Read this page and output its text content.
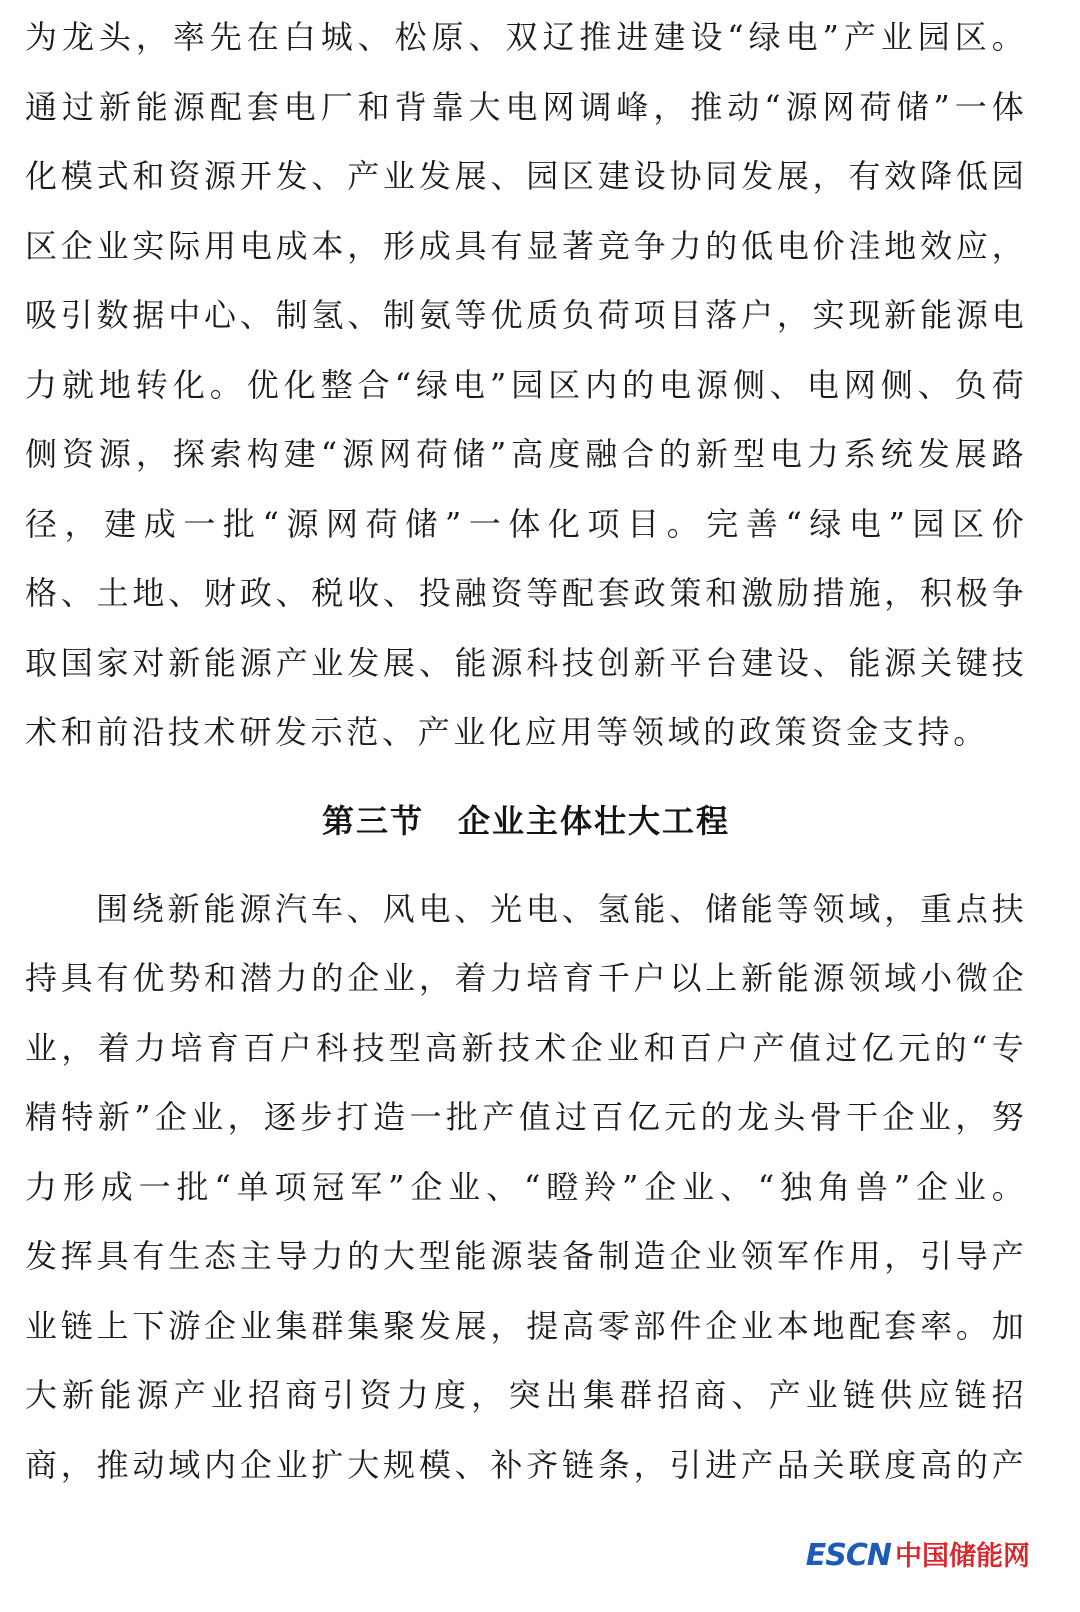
为龙头，率先在白城、松原、双辽推进建设“绿电”产业园区。
通过新能源配套电厂和背靠大电网调峰，推动“源网荷储”一体
化模式和资源开发、产业发展、园区建设协同发展，有效降低园
区企业实际用电成本，形成具有显著竞争力的低电价洼地效应，
吸引数据中心、制氢、制氨等优质负荷项目落户，实现新能源电
力就地转化。优化整合“绿电”园区内的电源侧、电网侧、负荷
侧资源，探索构建“源网荷储”高度融合的新型电力系统发展路
径，建成一批“源网荷储”一体化项目。完善“绿电”园区价
格、土地、财政、税收、投融资等配套政策和激励措施，积极争
取国家对新能源产业发展、能源科技创新平台建设、能源关键技
术和前沿技术研发示范、产业化应用等领域的政策资金支持。
第三节　企业主体壮大工程
围绕新能源汽车、风电、光电、氢能、储能等领域，重点扶
持具有优势和潜力的企业，着力培育千户以上新能源领域小微企
业，着力培育百户科技型高新技术企业和百户产值过亿元的“专
精特新”企业，逐步打造一批产值过百亿元的龙头骨干企业，努
力形成一批“单项冠军”企业、“瞪羚”企业、“独角兽”企业。
发挥具有生态主导力的大型能源装备制造企业领军作用，引导产
业链上下游企业集群集聚发展，提高零部件企业本地配套率。加
大新能源产业招商引资力度，突出集群招商、产业链供应链招
商，推动域内企业扩大规模、补齐链条，引进产品关联度高的产
ESCN 中国储能网
